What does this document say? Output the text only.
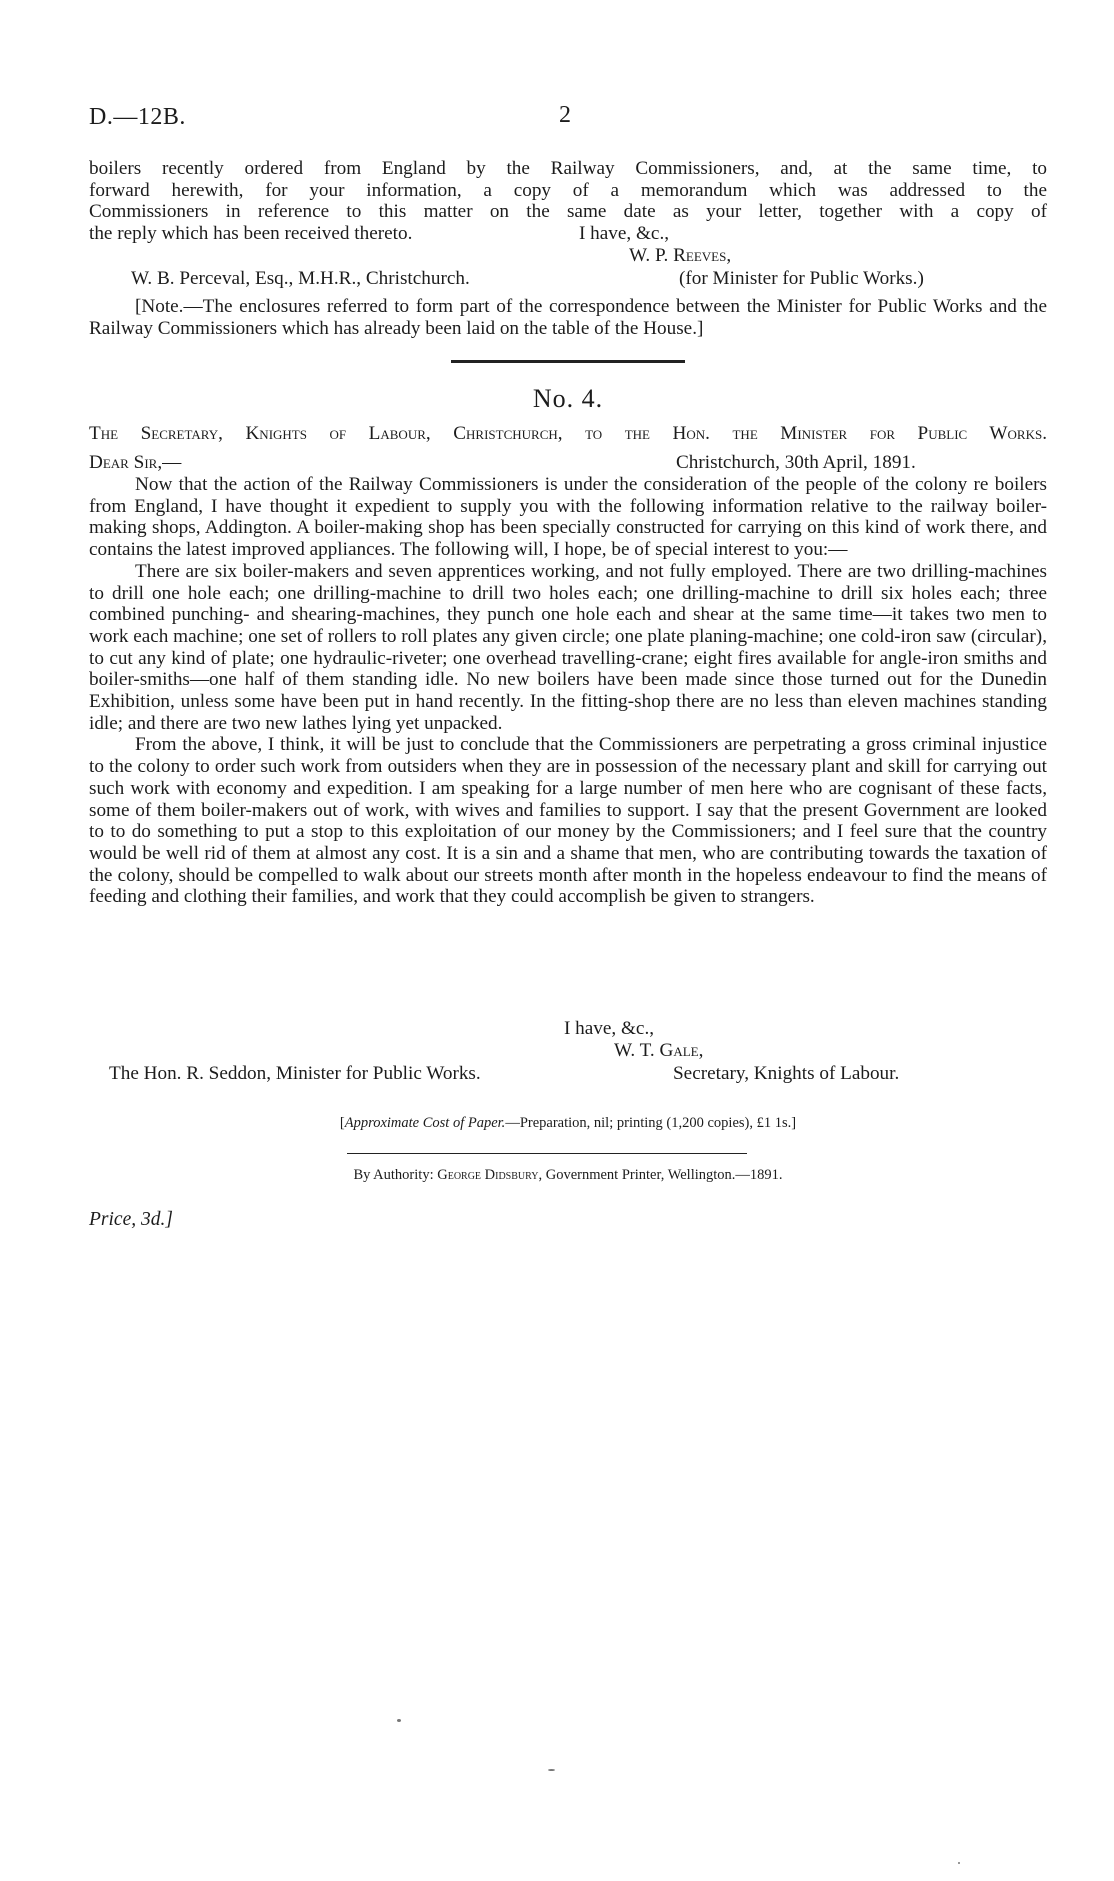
D.—12B.	2

boilers recently ordered from England by the Railway Commissioners, and, at the same time, to

forward herewith, for your information, a copy of a memorandum which was addressed to the

Commissioners in reference to this matter on the same date as your letter, together with a copy of

the reply which has been received thereto.	I have, &c.,
W. P. Reeves,
W. B. Perceval, Esq., M.H.R., Christchurch.	(for Minister for Public Works.)

[Note.—The enclosures referred to form part of the correspondence between the Minister for Public Works and the Railway Commissioners which has already been laid on the table of the House.]

No. 4.

The Secretary, Knights of Labour, Christchurch, to the Hon. the Minister for Public Works.

Dear Sir,—	Christchurch, 30th April, 1891.

Now that the action of the Railway Commissioners is under the consideration of the people of the colony re boilers from England, I have thought it expedient to supply you with the following information relative to the railway boiler-making shops, Addington. A boiler-making shop has been specially constructed for carrying on this kind of work there, and contains the latest improved appliances. The following will, I hope, be of special interest to you:—

There are six boiler-makers and seven apprentices working, and not fully employed. There are two drilling-machines to drill one hole each; one drilling-machine to drill two holes each; one drilling-machine to drill six holes each; three combined punching- and shearing-machines, they punch one hole each and shear at the same time—it takes two men to work each machine; one set of rollers to roll plates any given circle; one plate planing-machine; one cold-iron saw (circular), to cut any kind of plate; one hydraulic-riveter; one overhead travelling-crane; eight fires available for angle-iron smiths and boiler-smiths—one half of them standing idle. No new boilers have been made since those turned out for the Dunedin Exhibition, unless some have been put in hand recently. In the fitting-shop there are no less than eleven machines standing idle; and there are two new lathes lying yet unpacked.

From the above, I think, it will be just to conclude that the Commissioners are perpetrating a gross criminal injustice to the colony to order such work from outsiders when they are in possession of the necessary plant and skill for carrying out such work with economy and expedition. I am speaking for a large number of men here who are cognisant of these facts, some of them boiler-makers out of work, with wives and families to support. I say that the present Government are looked to to do something to put a stop to this exploitation of our money by the Commissioners; and I feel sure that the country would be well rid of them at almost any cost. It is a sin and a shame that men, who are contributing towards the taxation of the colony, should be compelled to walk about our streets month after month in the hopeless endeavour to find the means of feeding and clothing their families, and work that they could accomplish be given to strangers.

I have, &c.,
W. T. Gale,
The Hon. R. Seddon, Minister for Public Works.	Secretary, Knights of Labour.
[Approximate Cost of Paper.—Preparation, nil; printing (1,200 copies), £1 1s.]
By Authority: George Didsbury, Government Printer, Wellington.—1891.
Price, 3d.]
